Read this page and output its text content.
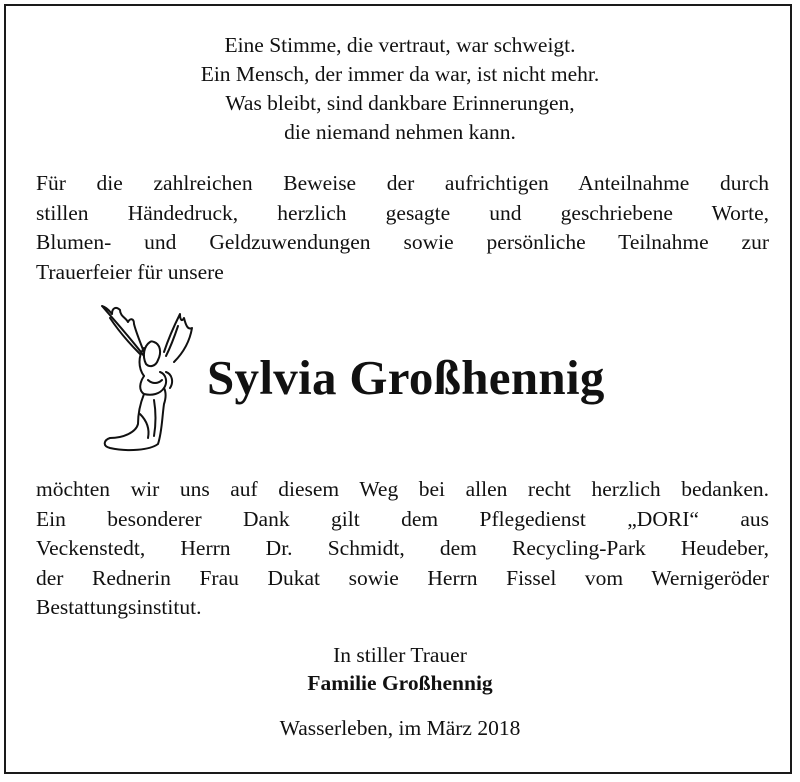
Eine Stimme, die vertraut, war schweigt.
Ein Mensch, der immer da war, ist nicht mehr.
Was bleibt, sind dankbare Erinnerungen,
die niemand nehmen kann.
Für die zahlreichen Beweise der aufrichtigen Anteilnahme durch
stillen Händedruck, herzlich gesagte und geschriebene Worte,
Blumen- und Geldzuwendungen sowie persönliche Teilnahme zur
Trauerfeier für unsere
Sylvia Großhennig
möchten wir uns auf diesem Weg bei allen recht herzlich bedanken.
Ein besonderer Dank gilt dem Pflegedienst „DORI“ aus
Veckenstedt, Herrn Dr. Schmidt, dem Recycling-Park Heudeber,
der Rednerin Frau Dukat sowie Herrn Fissel vom Wernigeröder
Bestattungsinstitut.
In stiller Trauer
Familie Großhennig
Wasserleben, im März 2018
